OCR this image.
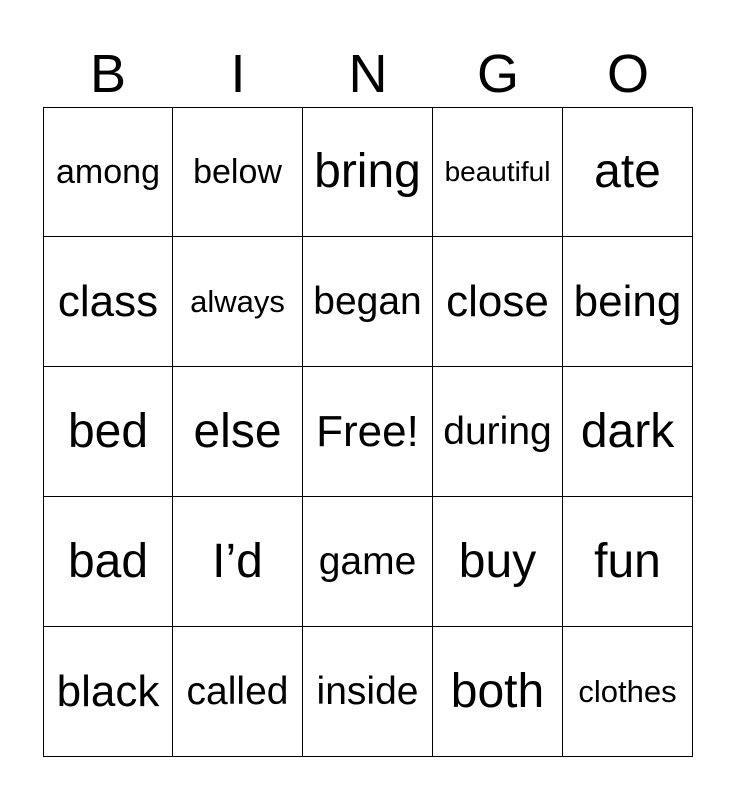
B	I	N	G	O
among below bring beautiful ate
class	always began close being
bed else Free! during dark
bad	I’d	game buy	fun
black called inside both	clothes
